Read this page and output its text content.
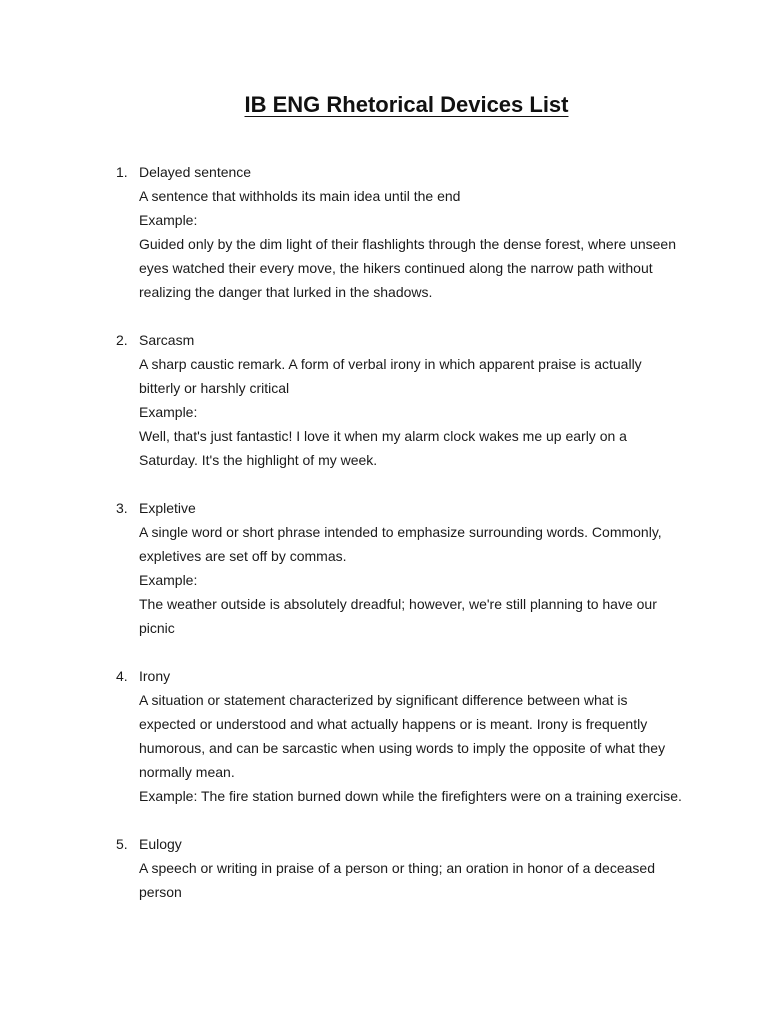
IB ENG Rhetorical Devices List
1. Delayed sentence
A sentence that withholds its main idea until the end
Example:
Guided only by the dim light of their flashlights through the dense forest, where unseen eyes watched their every move, the hikers continued along the narrow path without realizing the danger that lurked in the shadows.
2. Sarcasm
A sharp caustic remark. A form of verbal irony in which apparent praise is actually bitterly or harshly critical
Example:
Well, that's just fantastic! I love it when my alarm clock wakes me up early on a Saturday. It's the highlight of my week.
3. Expletive
A single word or short phrase intended to emphasize surrounding words. Commonly, expletives are set off by commas.
Example:
The weather outside is absolutely dreadful; however, we're still planning to have our picnic
4. Irony
A situation or statement characterized by significant difference between what is expected or understood and what actually happens or is meant. Irony is frequently humorous, and can be sarcastic when using words to imply the opposite of what they normally mean.
Example: The fire station burned down while the firefighters were on a training exercise.
5. Eulogy
A speech or writing in praise of a person or thing; an oration in honor of a deceased person
